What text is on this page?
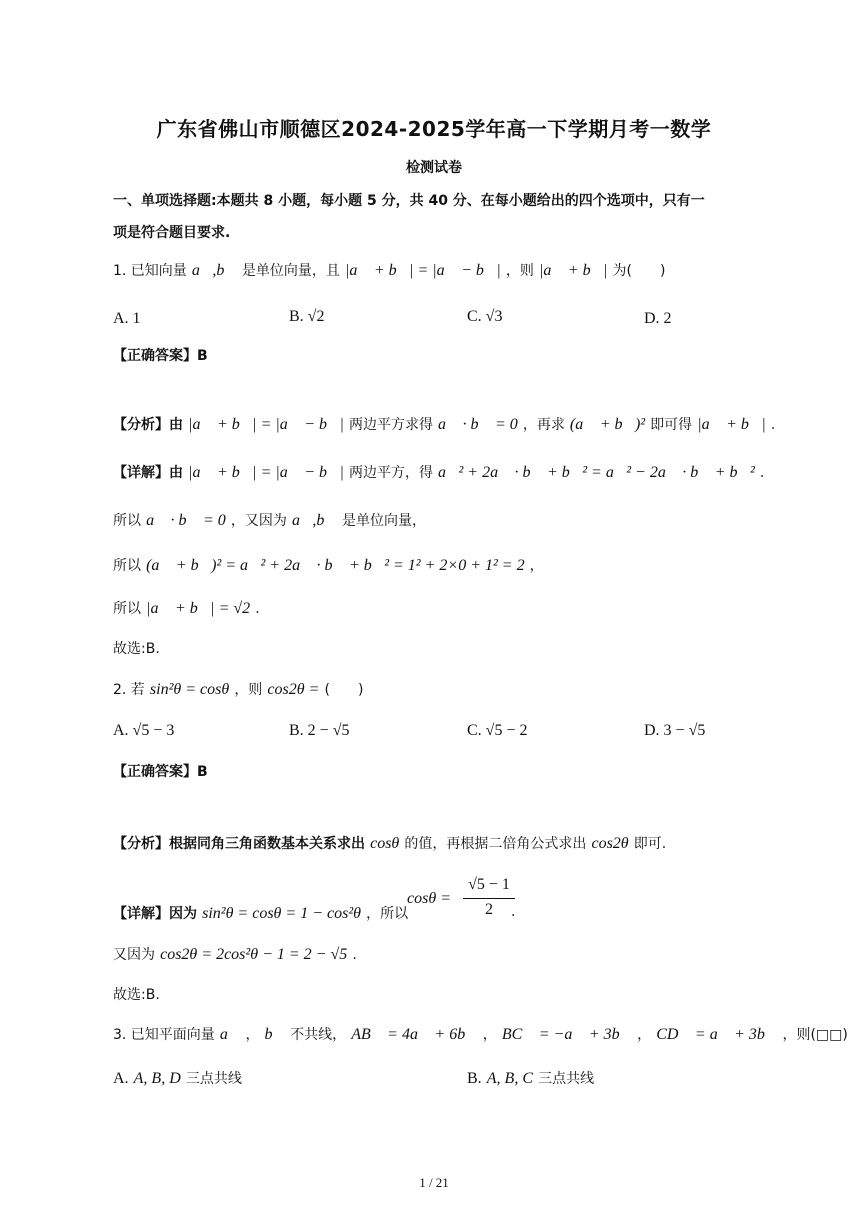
广东省佛山市顺德区2024-2025学年高一下学期月考一数学
检测试卷
一、单项选择题:本题共 8 小题，每小题 5 分，共 40 分、在每小题给出的四个选项中，只有一
项是符合题目要求.
1. 已知向量 a⃗,b⃗ 是单位向量，且 |a⃗ + b⃗| = |a⃗ − b⃗| ，则 |a⃗ + b⃗| 为(　　)
A. 1	B. √2	C. √3	D. 2
【正确答案】B
【分析】由 |a⃗ + b⃗| = |a⃗ − b⃗| 两边平方求得 a⃗ · b⃗ = 0 ，再求 (a⃗ + b⃗)² 即可得 |a⃗ + b⃗| .
【详解】由 |a⃗ + b⃗| = |a⃗ − b⃗| 两边平方，得 a⃗² + 2a⃗ · b⃗ + b⃗² = a⃗² − 2a⃗ · b⃗ + b⃗² .
所以 a⃗ · b⃗ = 0 ，又因为 a⃗,b⃗ 是单位向量，
所以 (a⃗ + b⃗)² = a⃗² + 2a⃗ · b⃗ + b⃗² = 1² + 2×0 + 1² = 2 ，
所以 |a⃗ + b⃗| = √2 .
故选:B.
2. 若 sin²θ = cosθ ，则 cos2θ = (　　)
A. √5 − 3	B. 2 − √5	C. √5 − 2	D. 3 − √5
【正确答案】B
【分析】根据同角三角函数基本关系求出 cosθ 的值，再根据二倍角公式求出 cos2θ 即可.
【详解】因为 sin²θ = cosθ = 1 − cos²θ ，所以
cosθ =
√5 − 1
2	.
又因为 cos2θ = 2cos²θ − 1 = 2 − √5 .
故选:B.
3. 已知平面向量 a⃗ ， b⃗ 不共线， AB⃗ = 4a⃗ + 6b⃗ ， BC⃗ = −a⃗ + 3b⃗ ， CD⃗ = a⃗ + 3b⃗ ，则(□□)
A. A, B, D 三点共线	B. A, B, C 三点共线
1 / 21
